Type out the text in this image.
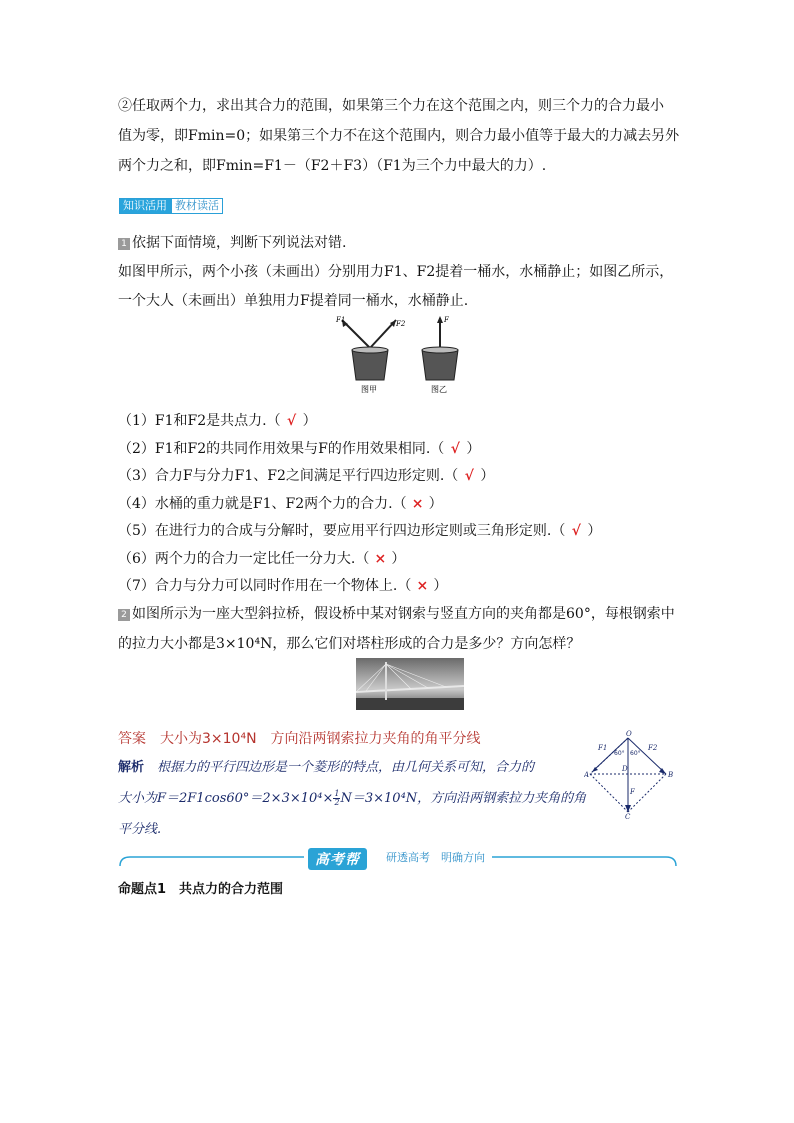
②任取两个力，求出其合力的范围，如果第三个力在这个范围之内，则三个力的合力最小
值为零，即Fmin=0；如果第三个力不在这个范围内，则合力最小值等于最大的力减去另外
两个力之和，即Fmin=F1－（F2＋F3）（F1为三个力中最大的力）.
知识活用 教材读活
1 依据下面情境，判断下列说法对错.
如图甲所示，两个小孩（未画出）分别用力F1、F2提着一桶水，水桶静止；如图乙所示，
一个大人（未画出）单独用力F提着同一桶水，水桶静止.
F1	F2
图甲
F
图乙
（1）F1和F2是共点力.（ √ ）
（2）F1和F2的共同作用效果与F的作用效果相同.（ √ ）
（3）合力F与分力F1、F2之间满足平行四边形定则.（ √ ）
（4）水桶的重力就是F1、F2两个力的合力.（ × ）
（5）在进行力的合成与分解时，要应用平行四边形定则或三角形定则.（ √ ）
（6）两个力的合力一定比任一分力大.（ × ）
（7）合力与分力可以同时作用在一个物体上.（ × ）
2 如图所示为一座大型斜拉桥，假设桥中某对钢索与竖直方向的夹角都是60°，每根钢索中
的拉力大小都是3×10⁴N，那么它们对塔柱形成的合力是多少？方向怎样？
答案　大小为3×10⁴N　方向沿两钢索拉力夹角的角平分线
解析　根据力的平行四边形是一个菱形的特点，由几何关系可知，合力的
大小为$F=2F1\cos 60^\circ=2\times 3\times 10^4\times \frac{1}{2} N=3\times 10^4N$，方向沿两钢索拉力夹角的角
平分线.
O
A	B
C
D
F1	F2
F
60° 60°
高考帮	研透高考　明确方向
命题点1　共点力的合力范围
